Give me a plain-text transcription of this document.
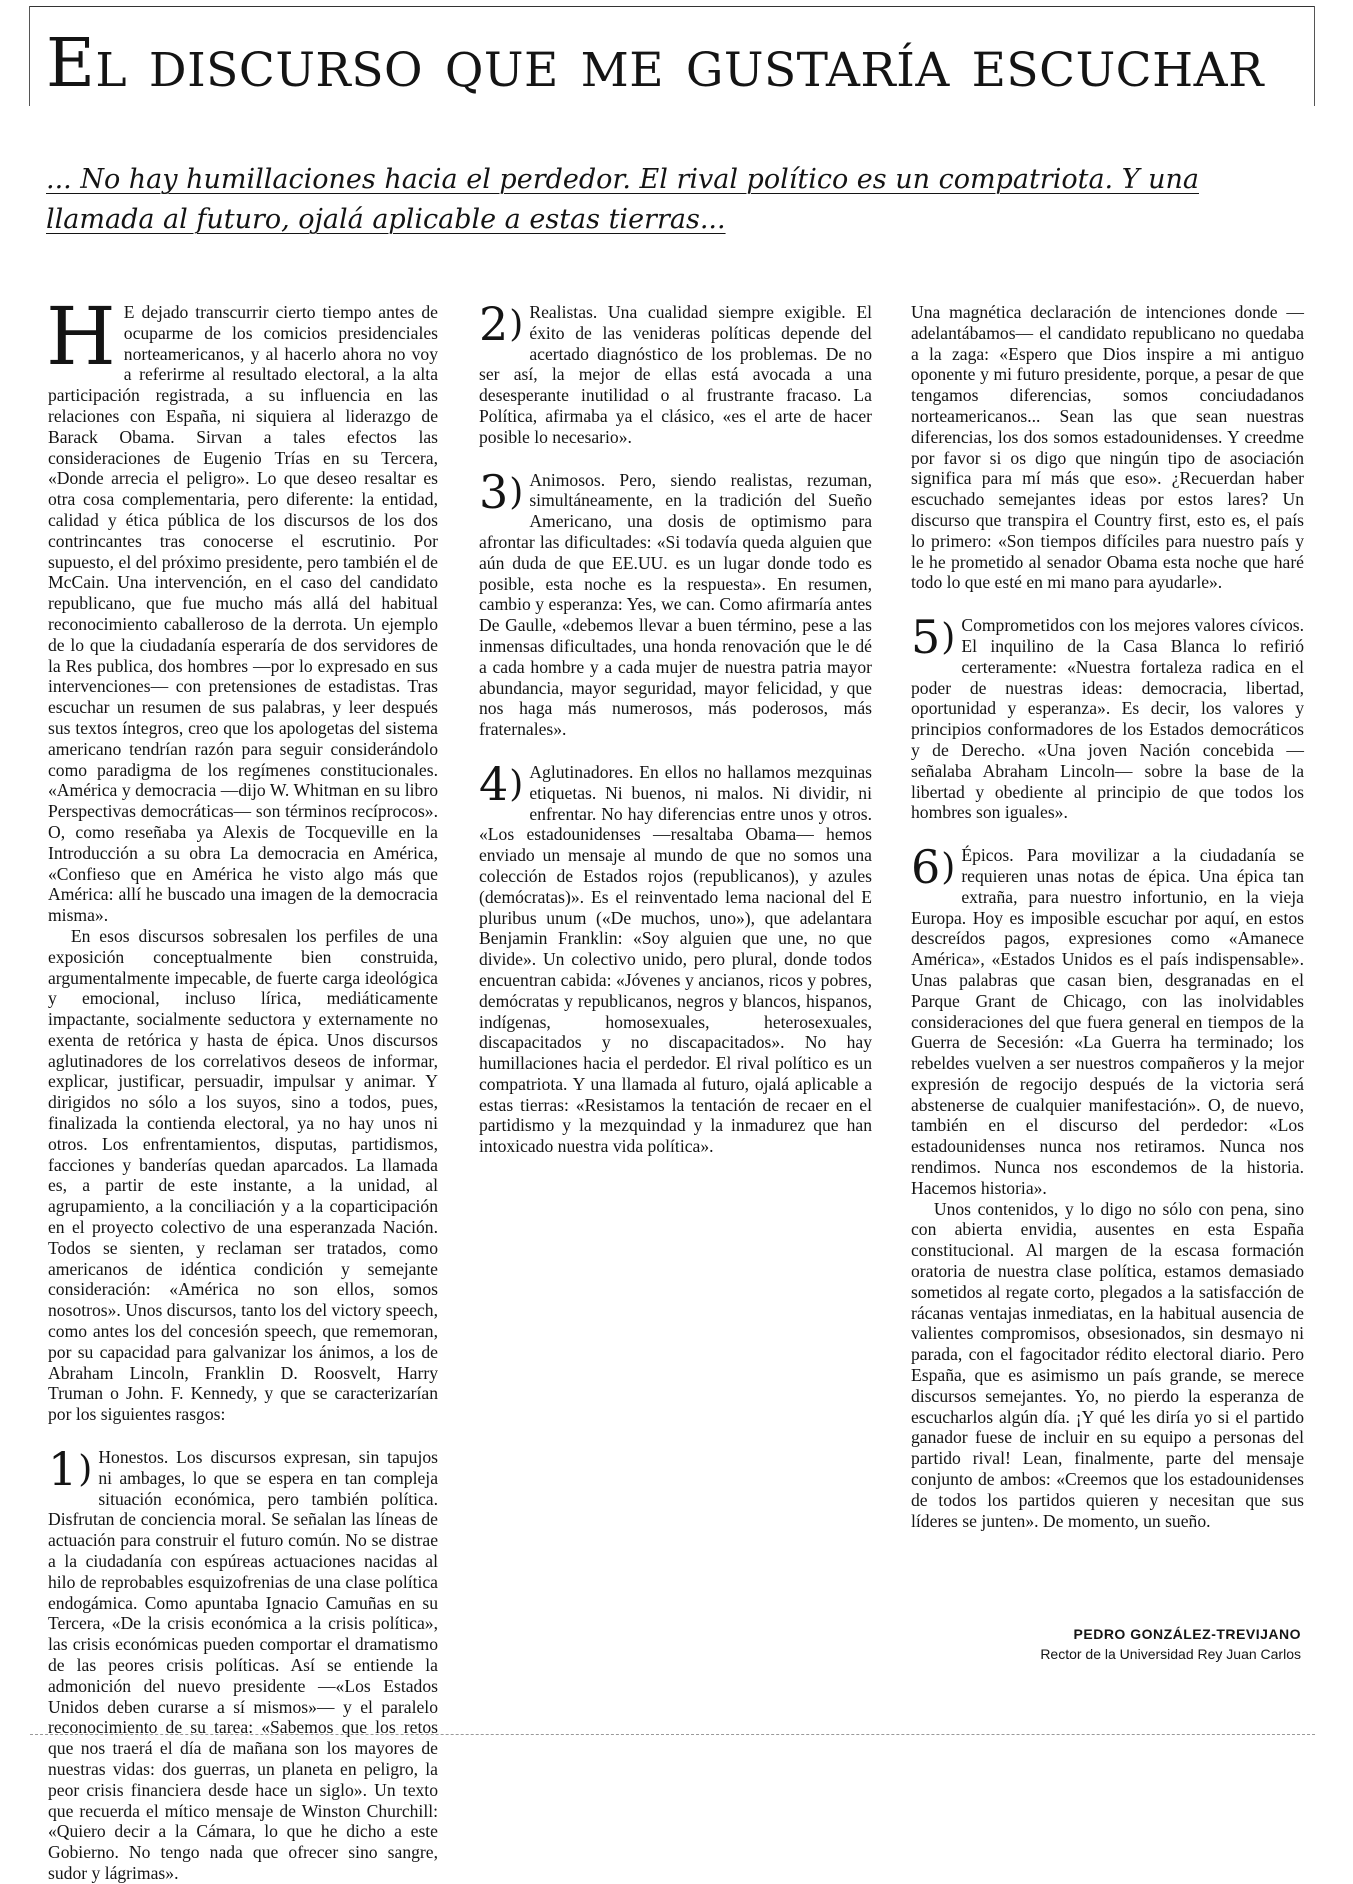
El discurso que me gustaría escuchar

... No hay humillaciones hacia el perdedor. El rival político es un compatriota. Y una llamada al futuro, ojalá aplicable a estas tierras...

H E dejado transcurrir cierto tiempo antes de ocuparme de los comicios presidenciales norteamericanos, y al hacerlo ahora no voy a referirme al resultado electoral, a la alta participación registrada, a su influencia en las relaciones con España, ni siquiera al liderazgo de Barack Obama. Sirvan a tales efectos las consideraciones de Eugenio Trías en su Tercera, «Donde arrecia el peligro». Lo que deseo resaltar es otra cosa complementaria, pero diferente: la entidad, calidad y ética pública de los discursos de los dos contrincantes tras conocerse el escrutinio. Por supuesto, el del próximo presidente, pero también el de McCain. Una intervención, en el caso del candidato republicano, que fue mucho más allá del habitual reconocimiento caballeroso de la derrota. Un ejemplo de lo que la ciudadanía esperaría de dos servidores de la Res publica, dos hombres —por lo expresado en sus intervenciones— con pretensiones de estadistas. Tras escuchar un resumen de sus palabras, y leer después sus textos íntegros, creo que los apologetas del sistema americano tendrían razón para seguir considerándolo como paradigma de los regímenes constitucionales. «América y democracia —dijo W. Whitman en su libro Perspectivas democráticas— son términos recíprocos». O, como reseñaba ya Alexis de Tocqueville en la Introducción a su obra La democracia en América, «Confieso que en América he visto algo más que América: allí he buscado una imagen de la democracia misma».

En esos discursos sobresalen los perfiles de una exposición conceptualmente bien construida, argumentalmente impecable, de fuerte carga ideológica y emocional, incluso lírica, mediáticamente impactante, socialmente seductora y externamente no exenta de retórica y hasta de épica. Unos discursos aglutinadores de los correlativos deseos de informar, explicar, justificar, persuadir, impulsar y animar. Y dirigidos no sólo a los suyos, sino a todos, pues, finalizada la contienda electoral, ya no hay unos ni otros. Los enfrentamientos, disputas, partidismos, facciones y banderías quedan aparcados. La llamada es, a partir de este instante, a la unidad, al agrupamiento, a la conciliación y a la coparticipación en el proyecto colectivo de una esperanzada Nación. Todos se sienten, y reclaman ser tratados, como americanos de idéntica condición y semejante consideración: «América no son ellos, somos nosotros». Unos discursos, tanto los del victory speech, como antes los del concesión speech, que rememoran, por su capacidad para galvanizar los ánimos, a los de Abraham Lincoln, Franklin D. Roosvelt, Harry Truman o John. F. Kennedy, y que se caracterizarían por los siguientes rasgos:

1) Honestos. Los discursos expresan, sin tapujos ni ambages, lo que se espera en tan compleja situación económica, pero también política. Disfrutan de conciencia moral. Se señalan las líneas de actuación para construir el futuro común. No se distrae a la ciudadanía con espúreas actuaciones nacidas al hilo de reprobables esquizofrenias de una clase política endogámica. Como apuntaba Ignacio Camuñas en su Tercera, «De la crisis económica a la crisis política», las crisis económicas pueden comportar el dramatismo de las peores crisis políticas. Así se entiende la admonición del nuevo presidente —«Los Estados Unidos deben curarse a sí mismos»— y el paralelo reconocimiento de su tarea: «Sabemos que los retos que nos traerá el día de mañana son los mayores de nuestras vidas: dos guerras, un planeta en peligro, la peor crisis financiera desde hace un siglo». Un texto que recuerda el mítico mensaje de Winston Churchill: «Quiero decir a la Cámara, lo que he dicho a este Gobierno. No tengo nada que ofrecer sino sangre, sudor y lágrimas».

2) Realistas. Una cualidad siempre exigible. El éxito de las venideras políticas depende del acertado diagnóstico de los problemas. De no ser así, la mejor de ellas está avocada a una desesperante inutilidad o al frustrante fracaso. La Política, afirmaba ya el clásico, «es el arte de hacer posible lo necesario».

3) Animosos. Pero, siendo realistas, rezuman, simultáneamente, en la tradición del Sueño Americano, una dosis de optimismo para afrontar las dificultades: «Si todavía queda alguien que aún duda de que EE.UU. es un lugar donde todo es posible, esta noche es la respuesta». En resumen, cambio y esperanza: Yes, we can. Como afirmaría antes De Gaulle, «debemos llevar a buen término, pese a las inmensas dificultades, una honda renovación que le dé a cada hombre y a cada mujer de nuestra patria mayor abundancia, mayor seguridad, mayor felicidad, y que nos haga más numerosos, más poderosos, más fraternales».

4) Aglutinadores. En ellos no hallamos mezquinas etiquetas. Ni buenos, ni malos. Ni dividir, ni enfrentar. No hay diferencias entre unos y otros. «Los estadounidenses —resaltaba Obama— hemos enviado un mensaje al mundo de que no somos una colección de Estados rojos (republicanos), y azules (demócratas)». Es el reinventado lema nacional del E pluribus unum («De muchos, uno»), que adelantara Benjamin Franklin: «Soy alguien que une, no que divide». Un colectivo unido, pero plural, donde todos encuentran cabida: «Jóvenes y ancianos, ricos y pobres, demócratas y republicanos, negros y blancos, hispanos, indígenas, homosexuales, heterosexuales, discapacitados y no discapacitados». No hay humillaciones hacia el perdedor. El rival político es un compatriota. Y una llamada al futuro, ojalá aplicable a estas tierras: «Resistamos la tentación de recaer en el partidismo y la mezquindad y la inmadurez que han intoxicado nuestra vida política».

Una magnética declaración de intenciones donde —adelantábamos— el candidato republicano no quedaba a la zaga: «Espero que Dios inspire a mi antiguo oponente y mi futuro presidente, porque, a pesar de que tengamos diferencias, somos conciudadanos norteamericanos... Sean las que sean nuestras diferencias, los dos somos estadounidenses. Y creedme por favor si os digo que ningún tipo de asociación significa para mí más que eso». ¿Recuerdan haber escuchado semejantes ideas por estos lares? Un discurso que transpira el Country first, esto es, el país lo primero: «Son tiempos difíciles para nuestro país y le he prometido al senador Obama esta noche que haré todo lo que esté en mi mano para ayudarle».

5) Comprometidos con los mejores valores cívicos. El inquilino de la Casa Blanca lo refirió certeramente: «Nuestra fortaleza radica en el poder de nuestras ideas: democracia, libertad, oportunidad y esperanza». Es decir, los valores y principios conformadores de los Estados democráticos y de Derecho. «Una joven Nación concebida —señalaba Abraham Lincoln— sobre la base de la libertad y obediente al principio de que todos los hombres son iguales».

6) Épicos. Para movilizar a la ciudadanía se requieren unas notas de épica. Una épica tan extraña, para nuestro infortunio, en la vieja Europa. Hoy es imposible escuchar por aquí, en estos descreídos pagos, expresiones como «Amanece América», «Estados Unidos es el país indispensable». Unas palabras que casan bien, desgranadas en el Parque Grant de Chicago, con las inolvidables consideraciones del que fuera general en tiempos de la Guerra de Secesión: «La Guerra ha terminado; los rebeldes vuelven a ser nuestros compañeros y la mejor expresión de regocijo después de la victoria será abstenerse de cualquier manifestación». O, de nuevo, también en el discurso del perdedor: «Los estadounidenses nunca nos retiramos. Nunca nos rendimos. Nunca nos escondemos de la historia. Hacemos historia».

Unos contenidos, y lo digo no sólo con pena, sino con abierta envidia, ausentes en esta España constitucional. Al margen de la escasa formación oratoria de nuestra clase política, estamos demasiado sometidos al regate corto, plegados a la satisfacción de rácanas ventajas inmediatas, en la habitual ausencia de valientes compromisos, obsesionados, sin desmayo ni parada, con el fagocitador rédito electoral diario. Pero España, que es asimismo un país grande, se merece discursos semejantes. Yo, no pierdo la esperanza de escucharlos algún día. ¡Y qué les diría yo si el partido ganador fuese de incluir en su equipo a personas del partido rival! Lean, finalmente, parte del mensaje conjunto de ambos: «Creemos que los estadounidenses de todos los partidos quieren y necesitan que sus líderes se junten». De momento, un sueño.

PEDRO GONZÁLEZ-TREVIJANO
Rector de la Universidad Rey Juan Carlos
